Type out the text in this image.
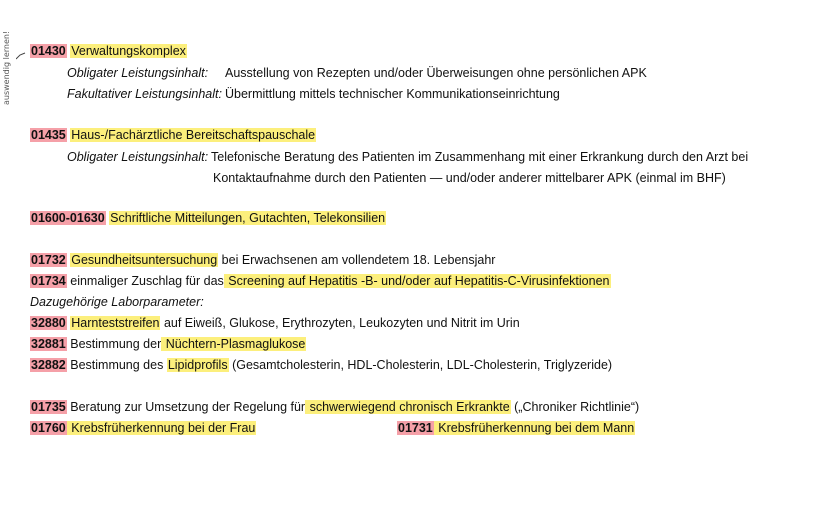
auswendig lernen! 01430 Verwaltungskomplex
Obligater Leistungsinhalt: Ausstellung von Rezepten und/oder Überweisungen ohne persönlichen APK
Fakultativer Leistungsinhalt: Übermittlung mittels technischer Kommunikationseinrichtung
01435 Haus-/Fachärztliche Bereitschaftspauschale
Obligater Leistungsinhalt: Telefonische Beratung des Patienten im Zusammenhang mit einer Erkrankung durch den Arzt bei
Kontaktaufnahme durch den Patienten — und/oder anderer mittelbarer APK (einmal im BHF)
01600-01630 Schriftliche Mitteilungen, Gutachten, Telekonsilien
01732 Gesundheitsuntersuchung bei Erwachsenen am vollendetem 18. Lebensjahr
01734 einmaliger Zuschlag für das Screening auf Hepatitis -B- und/oder auf Hepatitis-C-Virusinfektionen
Dazugehörige Laborparameter:
32880 Harnteststreifen auf Eiweiß, Glukose, Erythrozyten, Leukozyten und Nitrit im Urin
32881 Bestimmung der Nüchtern-Plasmaglukose
32882 Bestimmung des Lipidprofils (Gesamtcholesterin, HDL-Cholesterin, LDL-Cholesterin, Triglyzeride)
01735 Beratung zur Umsetzung der Regelung für schwerwiegend chronisch Erkrankte („Chroniker Richtlinie“)
01760 Krebsfrüherkennung bei der Frau	01731 Krebsfrüherkennung bei dem Mann
